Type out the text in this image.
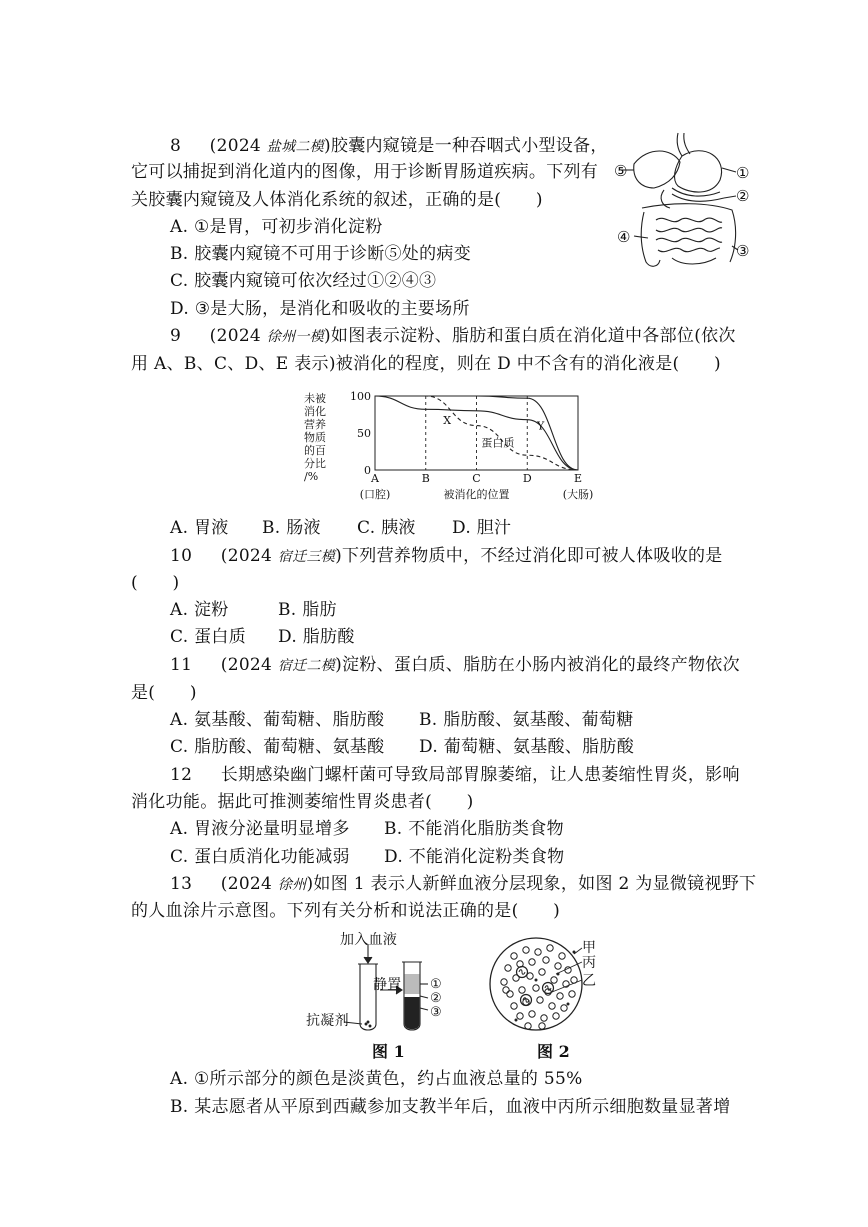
8 (2024 盐城二模)胶囊内窥镜是一种吞咽式小型设备，
它可以捕捉到消化道内的图像，用于诊断胃肠道疾病。下列有
关胶囊内窥镜及人体消化系统的叙述，正确的是(　　)
A. ①是胃，可初步消化淀粉
B. 胶囊内窥镜不可用于诊断⑤处的病变
C. 胶囊内窥镜可依次经过①②④③
D. ③是大肠，是消化和吸收的主要场所
⑤	①
②
④
③
9 (2024 徐州一模)如图表示淀粉、脂肪和蛋白质在消化道中各部位(依次
用 A、B、C、D、E 表示)被消化的程度，则在 D 中不含有的消化液是(　　)
未被
消化
营养
物质
的百
分比
/%
100
50
0
A	B	C	D	E
(口腔)	被消化的位置	(大肠)
X	Y
蛋白质
A. 胃液 B. 肠液 C. 胰液 D. 胆汁
10 (2024 宿迁三模)下列营养物质中，不经过消化即可被人体吸收的是
(　　)
A. 淀粉	B. 脂肪
C. 蛋白质 D. 脂肪酸
11 (2024 宿迁二模)淀粉、蛋白质、脂肪在小肠内被消化的最终产物依次
是(　　)
A. 氨基酸、葡萄糖、脂肪酸 B. 脂肪酸、氨基酸、葡萄糖
C. 脂肪酸、葡萄糖、氨基酸 D. 葡萄糖、氨基酸、脂肪酸
12 长期感染幽门螺杆菌可导致局部胃腺萎缩，让人患萎缩性胃炎，影响
消化功能。据此可推测萎缩性胃炎患者(　　)
A. 胃液分泌量明显增多 B. 不能消化脂肪类食物
C. 蛋白质消化功能减弱 D. 不能消化淀粉类食物
13 (2024 徐州)如图 1 表示人新鲜血液分层现象，如图 2 为显微镜视野下
的人血涂片示意图。下列有关分析和说法正确的是(　　)
加入血液
静置
抗凝剂
①
②
③
图 1
甲
丙
乙
图 2
A. ①所示部分的颜色是淡黄色，约占血液总量的 55%
B. 某志愿者从平原到西藏参加支教半年后，血液中丙所示细胞数量显著增
